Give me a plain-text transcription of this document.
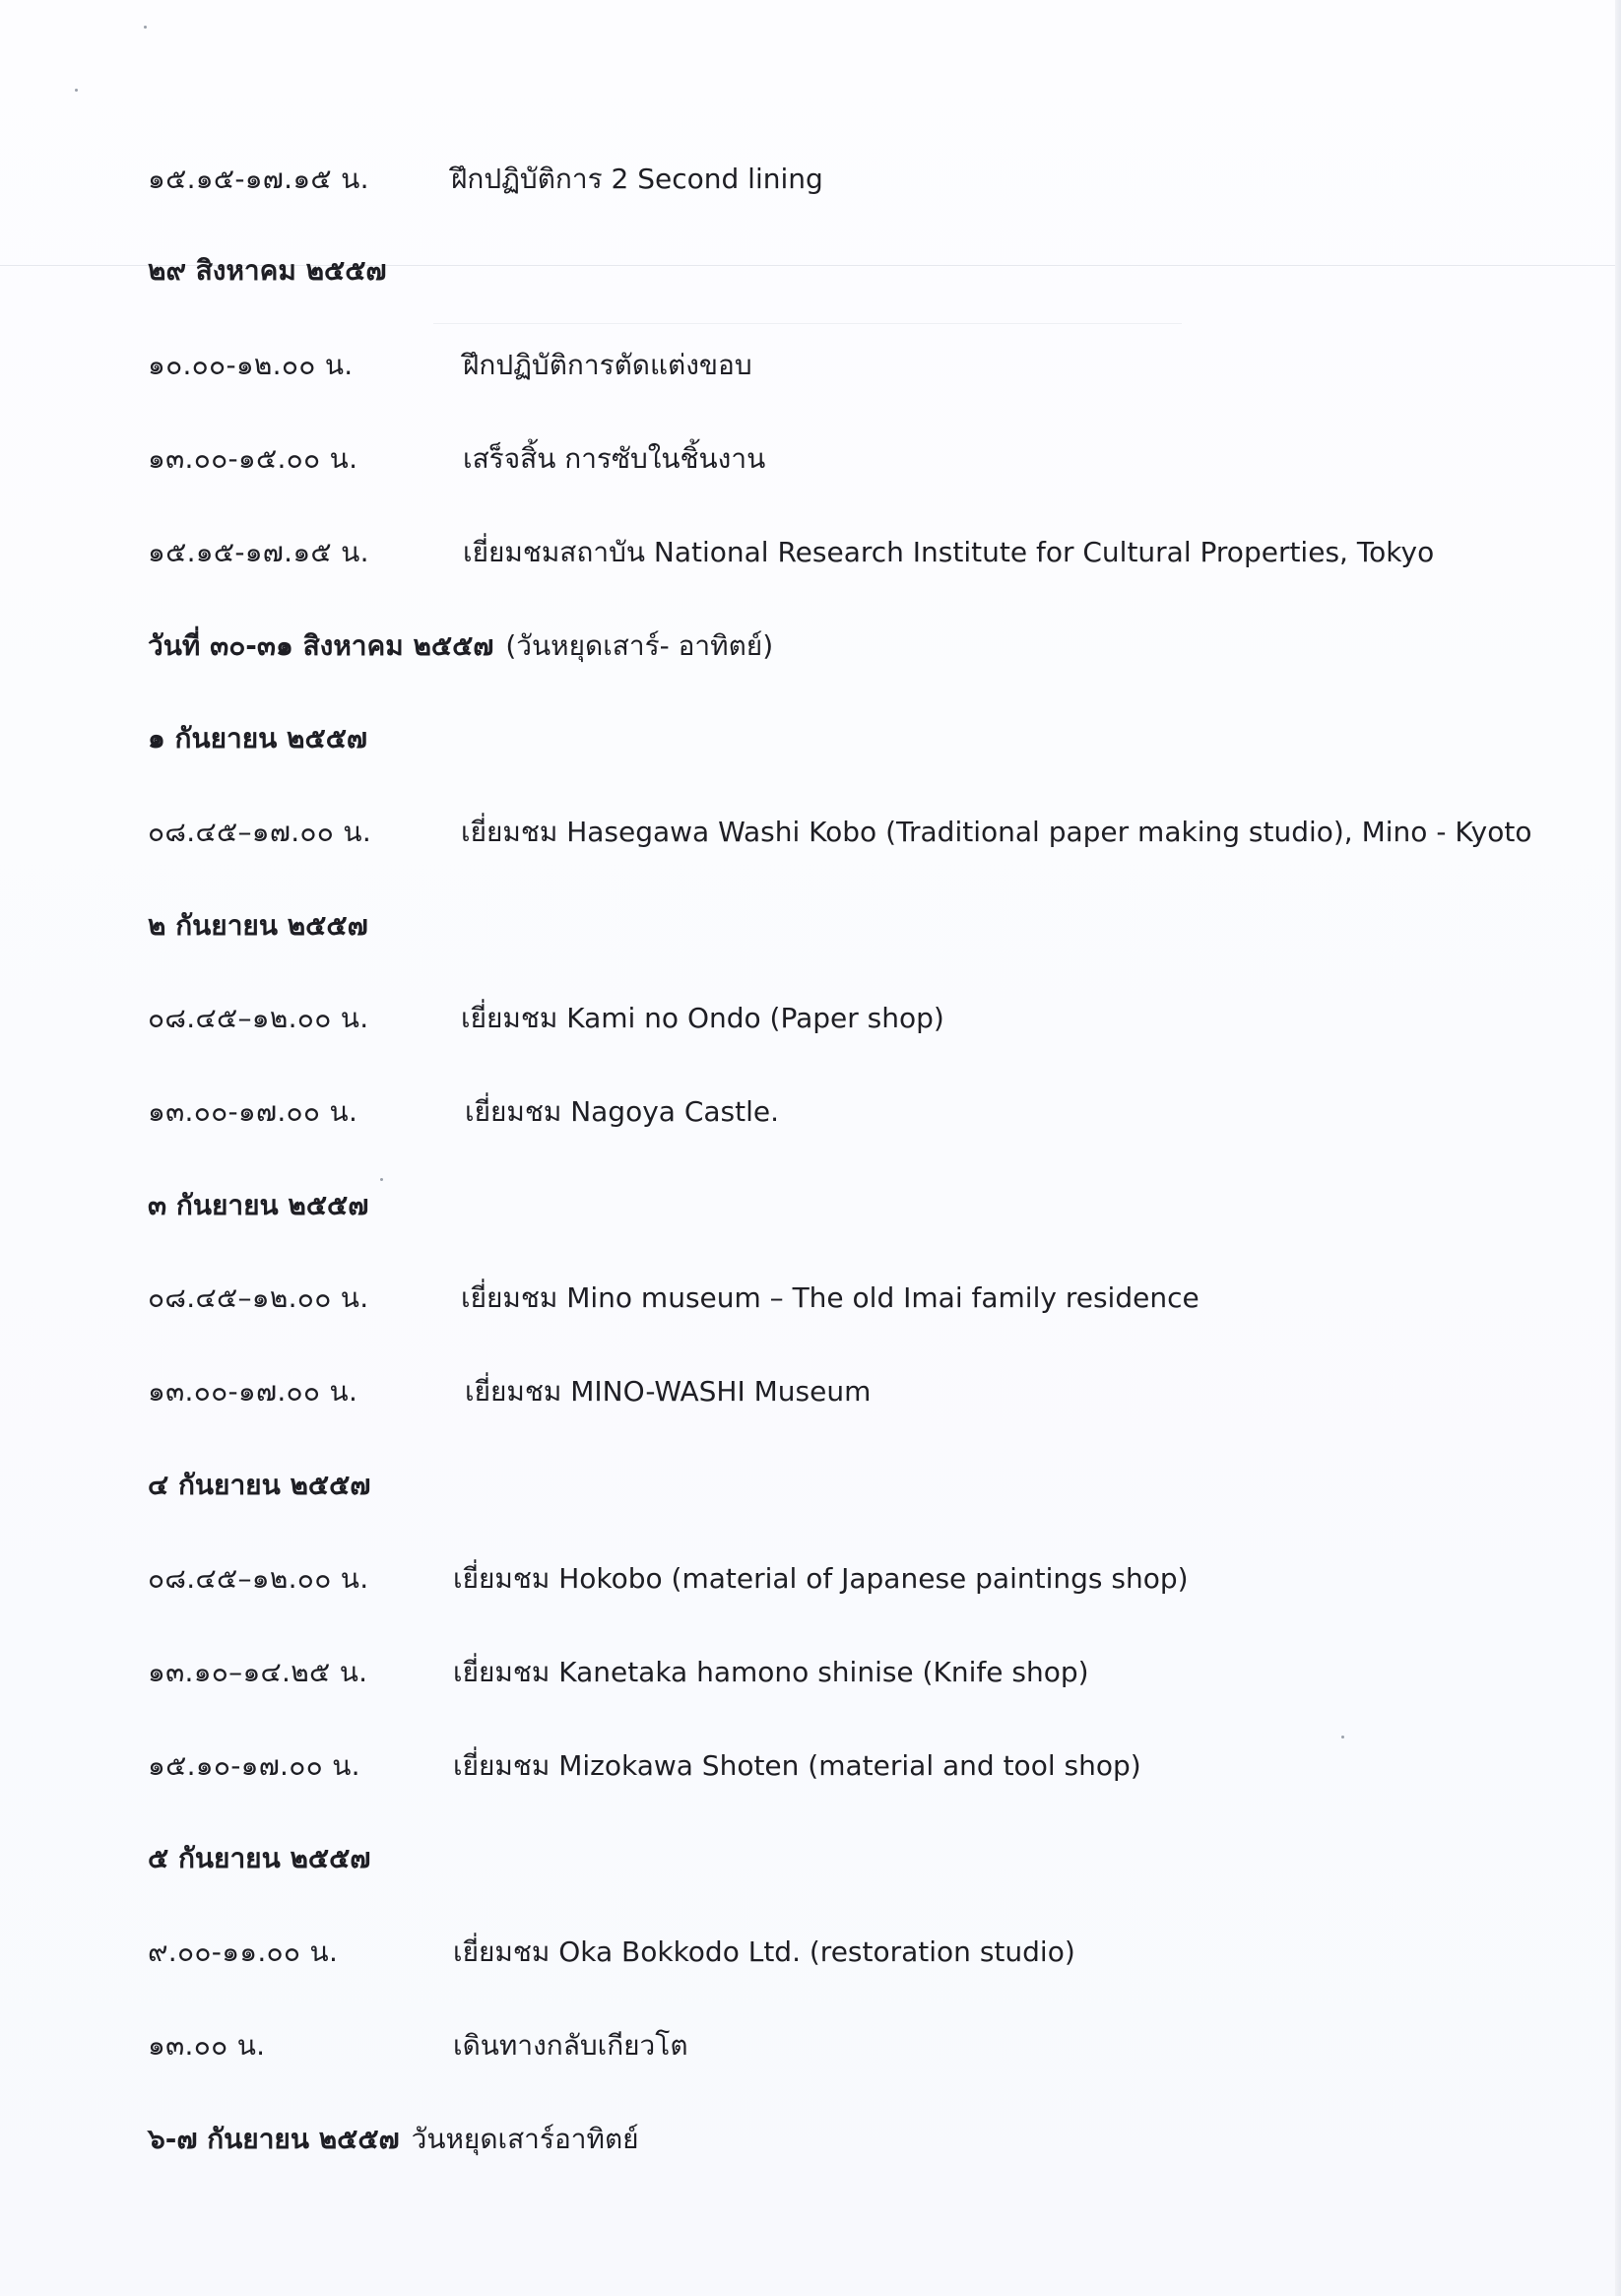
๑๕.๑๕-๑๗.๑๕ น.	ฝึกปฏิบัติการ 2 Second lining
๒๙ สิงหาคม ๒๕๕๗
๑๐.๐๐-๑๒.๐๐ น.	ฝึกปฏิบัติการตัดแต่งขอบ
๑๓.๐๐-๑๕.๐๐ น.	เสร็จสิ้น การซับในชิ้นงาน
๑๕.๑๕-๑๗.๑๕ น.	เยี่ยมชมสถาบัน National Research Institute for Cultural Properties, Tokyo
วันที่ ๓๐-๓๑ สิงหาคม ๒๕๕๗ (วันหยุดเสาร์- อาทิตย์)
๑ กันยายน ๒๕๕๗
๐๘.๔๕–๑๗.๐๐ น.	เยี่ยมชม Hasegawa Washi Kobo (Traditional paper making studio), Mino - Kyoto
๒ กันยายน ๒๕๕๗
๐๘.๔๕–๑๒.๐๐ น.	เยี่ยมชม Kami no Ondo (Paper shop)
๑๓.๐๐-๑๗.๐๐ น.	เยี่ยมชม Nagoya Castle.
๓ กันยายน ๒๕๕๗
๐๘.๔๕–๑๒.๐๐ น.	เยี่ยมชม Mino museum – The old Imai family residence
๑๓.๐๐-๑๗.๐๐ น.	เยี่ยมชม MINO-WASHI Museum
๔ กันยายน ๒๕๕๗
๐๘.๔๕–๑๒.๐๐ น.	เยี่ยมชม Hokobo (material of Japanese paintings shop)
๑๓.๑๐–๑๔.๒๕ น.	เยี่ยมชม Kanetaka hamono shinise (Knife shop)
๑๕.๑๐-๑๗.๐๐ น.	เยี่ยมชม Mizokawa Shoten (material and tool shop)
๕ กันยายน ๒๕๕๗
๙.๐๐-๑๑.๐๐ น.	เยี่ยมชม Oka Bokkodo Ltd. (restoration studio)
๑๓.๐๐ น.	เดินทางกลับเกียวโต
๖-๗ กันยายน ๒๕๕๗ วันหยุดเสาร์อาทิตย์
